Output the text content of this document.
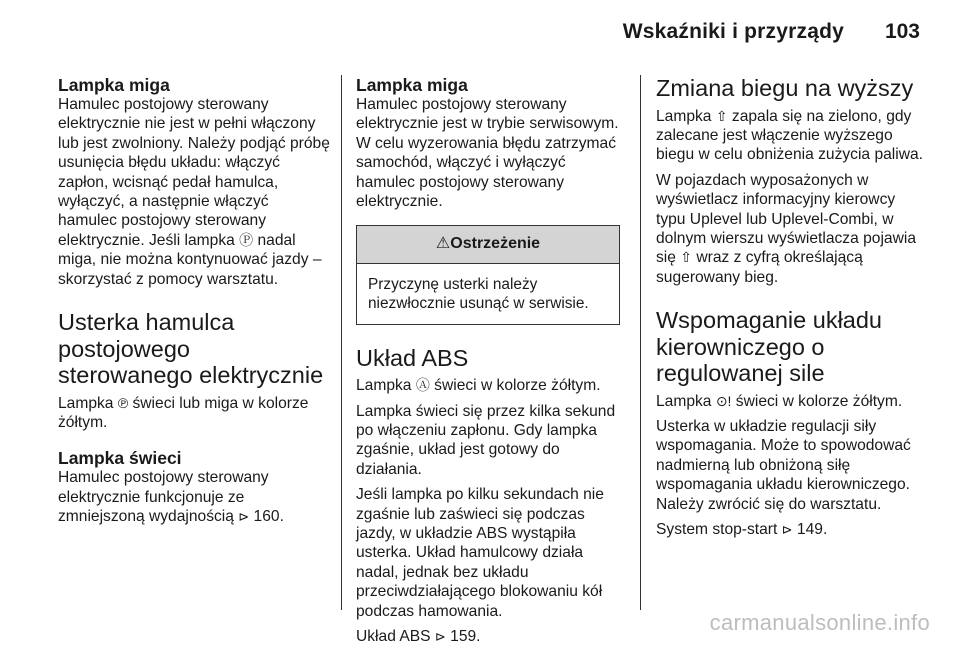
Wskaźniki i przyrządy 103
Lampka miga

Hamulec postojowy sterowany elektrycznie nie jest w pełni włączony lub jest zwolniony. Należy podjąć próbę usunięcia błędu układu: włączyć zapłon, wcisnąć pedał hamulca, wyłączyć, a następnie włączyć hamulec postojowy sterowany elektrycznie. Jeśli lampka Ⓟ nadal miga, nie można kontynuować jazdy – skorzystać z pomocy warsztatu.

Usterka hamulca postojowego sterowanego elektrycznie

Lampka ℗ świeci lub miga w kolorze żółtym.

Lampka świeci

Hamulec postojowy sterowany elektrycznie funkcjonuje ze zmniejszoną wydajnością ⊳ 160.

Lampka miga

Hamulec postojowy sterowany elektrycznie jest w trybie serwisowym. W celu wyzerowania błędu zatrzymać samochód, włączyć i wyłączyć hamulec postojowy sterowany elektrycznie.

⚠Ostrzeżenie
Przyczynę usterki należy niezwłocznie usunąć w serwisie.
Układ ABS

Lampka Ⓐ świeci w kolorze żółtym.

Lampka świeci się przez kilka sekund po włączeniu zapłonu. Gdy lampka zgaśnie, układ jest gotowy do działania.

Jeśli lampka po kilku sekundach nie zgaśnie lub zaświeci się podczas jazdy, w układzie ABS wystąpiła usterka. Układ hamulcowy działa nadal, jednak bez układu przeciwdziałającego blokowaniu kół podczas hamowania.

Układ ABS ⊳ 159.

Zmiana biegu na wyższy

Lampka ⇧ zapala się na zielono, gdy zalecane jest włączenie wyższego biegu w celu obniżenia zużycia paliwa.

W pojazdach wyposażonych w wyświetlacz informacyjny kierowcy typu Uplevel lub Uplevel-Combi, w dolnym wierszu wyświetlacza pojawia się ⇧ wraz z cyfrą określającą sugerowany bieg.

Wspomaganie układu kierowniczego o regulowanej sile

Lampka ⊙! świeci w kolorze żółtym.

Usterka w układzie regulacji siły wspomagania. Może to spowodować nadmierną lub obniżoną siłę wspomagania układu kierowniczego. Należy zwrócić się do warsztatu.

System stop-start ⊳ 149.

carmanualsonline.info
